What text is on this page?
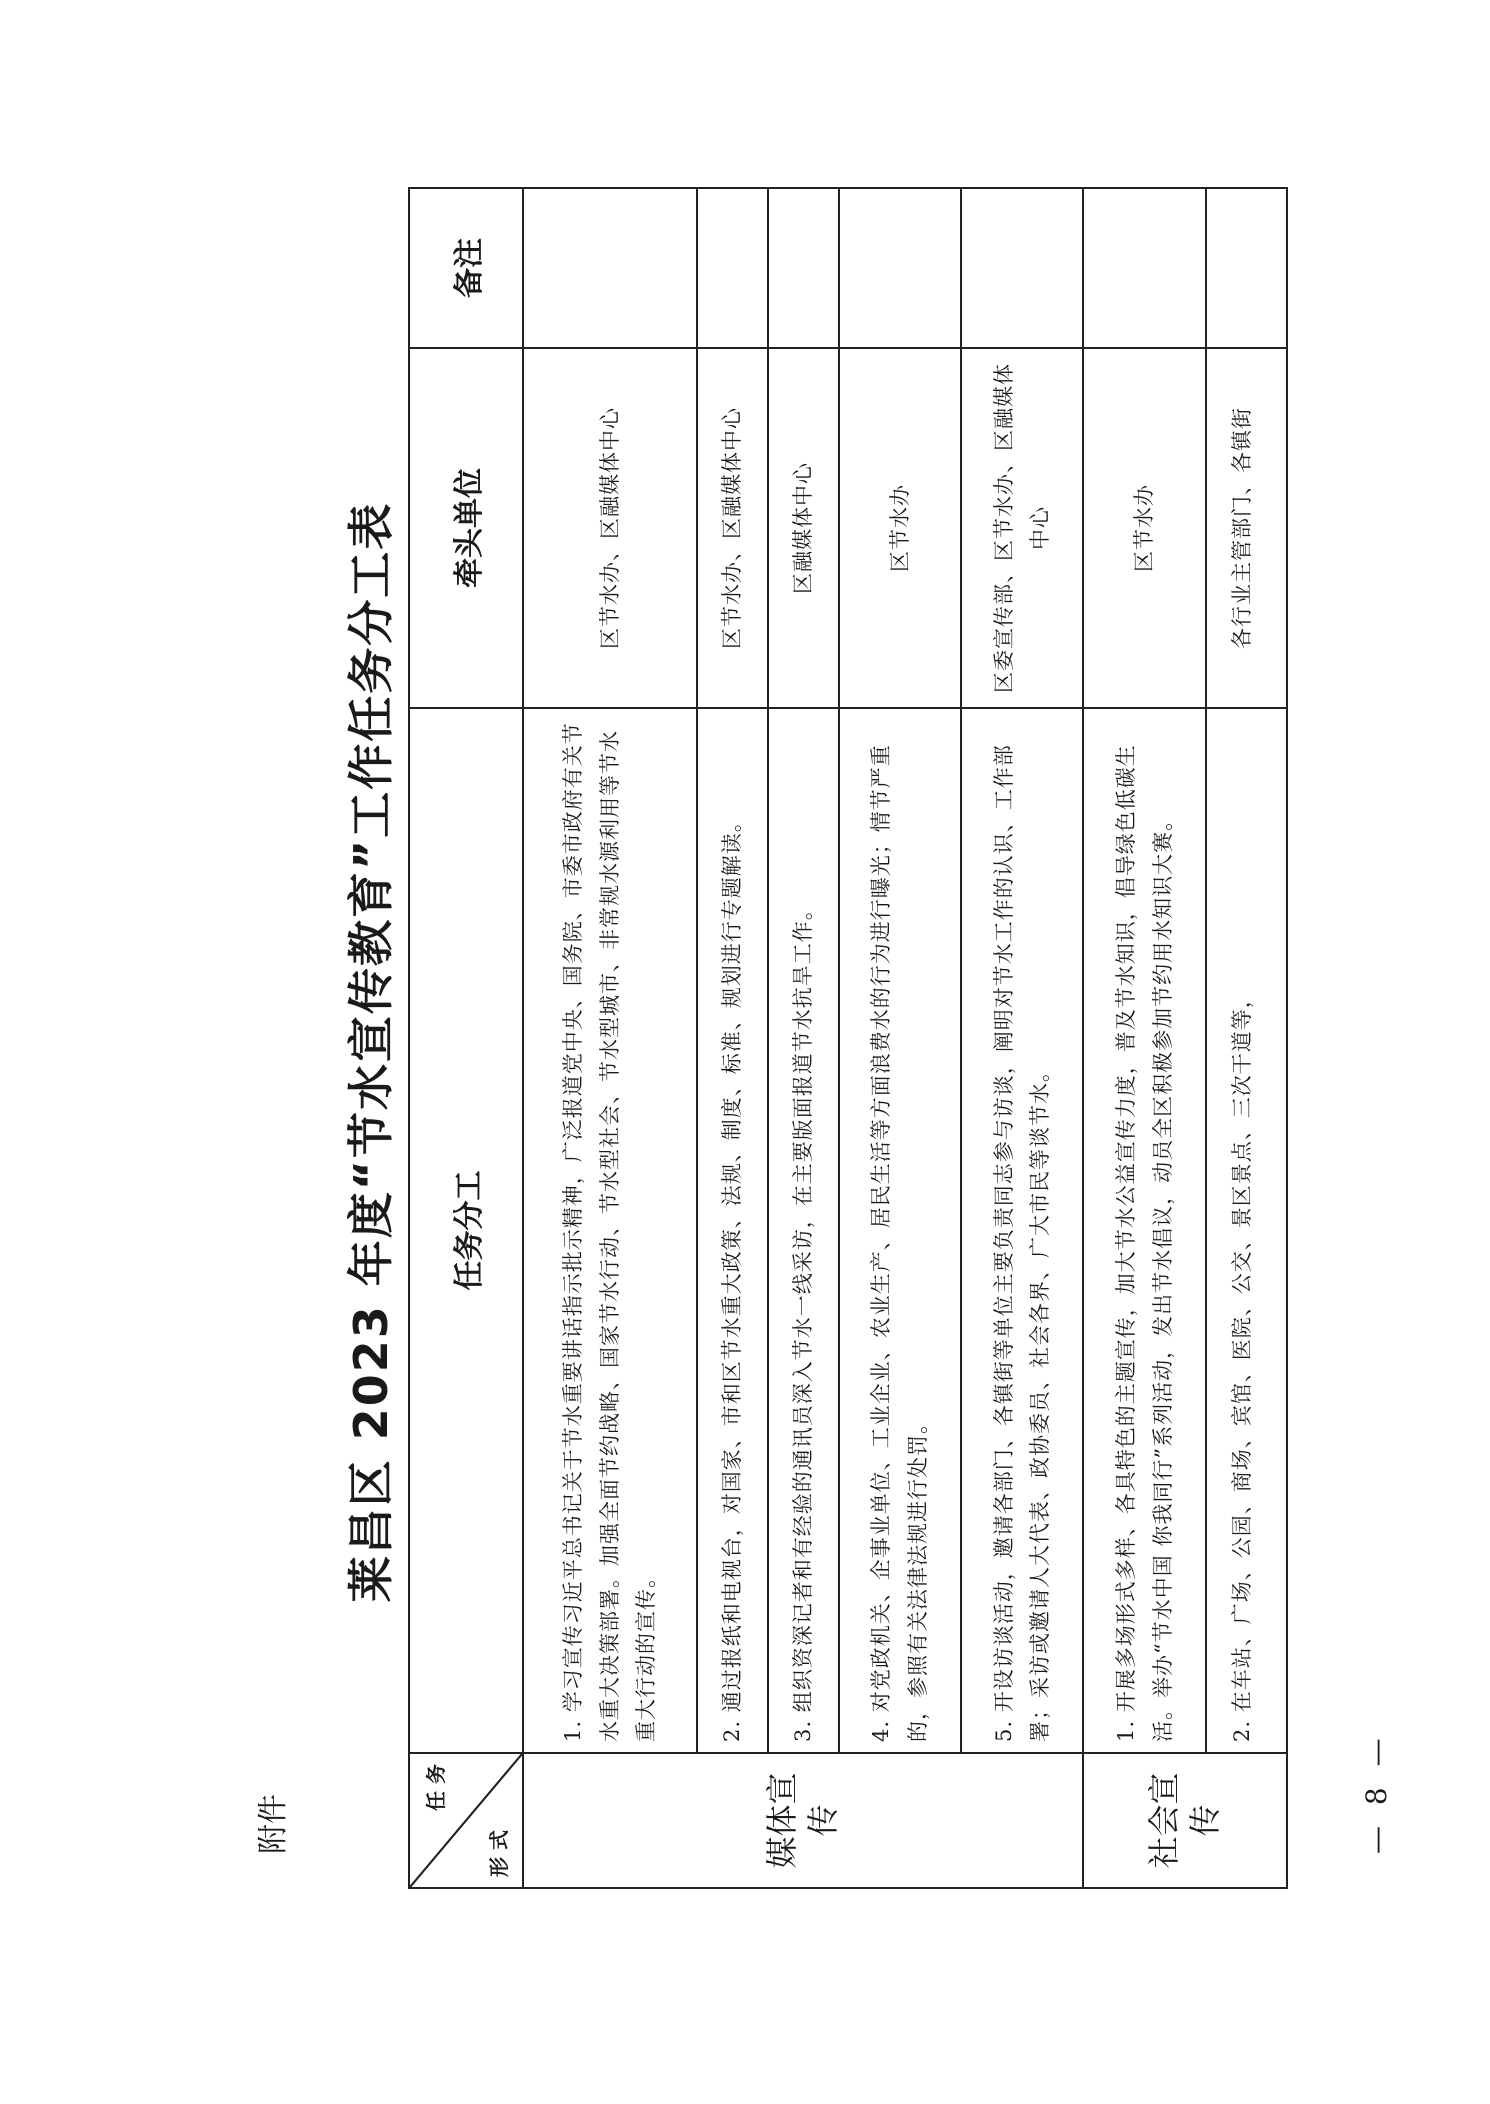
附件
莱昌区 2023 年度“节水宣传教育”工作任务分工表
任 务
形 式	任务分工	牵头单位	备注
媒体宣传	1. 学习宣传习近平总书记关于节水重要讲话指示批示精神，广泛报道党中央、国务院、市委市政府有关节水重大决策部署。加强全面节约战略、国家节水行动、节水型社会、节水型城市、非常规水源利用等节水重大行动的宣传。	区节水办、区融媒体中心	
	2. 通过报纸和电视台，对国家、市和区节水重大政策、法规、制度、标准、规划进行专题解读。	区节水办、区融媒体中心	
	3. 组织资深记者和有经验的通讯员深入节水一线采访，在主要版面报道节水抗旱工作。	区融媒体中心	
	4. 对党政机关、企事业单位、工业企业、农业生产、居民生活等方面浪费水的行为进行曝光；情节严重的，参照有关法律法规进行处罚。	区节水办	
	5. 开设访谈活动，邀请各部门、各镇街等单位主要负责同志参与访谈，阐明对节水工作的认识、工作部署；采访或邀请人大代表、政协委员、社会各界、广大市民等谈节水。	区委宣传部、区节水办、区融媒体中心	
社会宣传	1. 开展多场形式多样、各具特色的主题宣传，加大节水公益宣传力度，普及节水知识，倡导绿色低碳生活。举办“节水中国 你我同行”系列活动，发出节水倡议，动员全区积极参加节约用水知识大赛。	区节水办	

	2. 在车站、广场、公园、商场、宾馆、医院、公交、景区景点、三次干道等，	各行业主管部门、各镇街	

— 8 —
